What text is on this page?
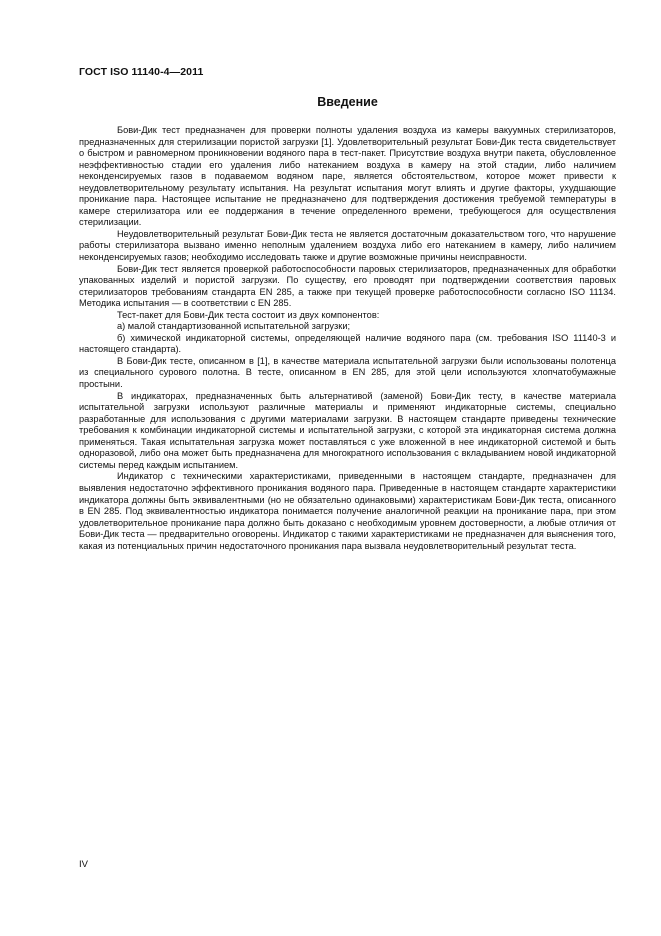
ГОСТ ISO 11140-4—2011
Введение

Бови-Дик тест предназначен для проверки полноты удаления воздуха из камеры вакуумных стерилизаторов, предназначенных для стерилизации пористой загрузки [1]. Удовлетворительный результат Бови-Дик теста свидетельствует о быстром и равномерном проникновении водяного пара в тест-пакет. Присутствие воздуха внутри пакета, обусловленное неэффективностью стадии его удаления либо натеканием воздуха в камеру на этой стадии, либо наличием неконденсируемых газов в подаваемом водяном паре, является обстоятельством, которое может привести к неудовлетворительному результату испытания. На результат испытания могут влиять и другие факторы, ухудшающие проникание пара. Настоящее испытание не предназначено для подтверждения достижения требуемой температуры в камере стерилизатора или ее поддержания в течение определенного времени, требующегося для осуществления стерилизации.

Неудовлетворительный результат Бови-Дик теста не является достаточным доказательством того, что нарушение работы стерилизатора вызвано именно неполным удалением воздуха либо его натеканием в камеру, либо наличием неконденсируемых газов; необходимо исследовать также и другие возможные причины неисправности.

Бови-Дик тест является проверкой работоспособности паровых стерилизаторов, предназначенных для обработки упакованных изделий и пористой загрузки. По существу, его проводят при подтверждении соответствия паровых стерилизаторов требованиям стандарта EN 285, а также при текущей проверке работоспособности согласно ISO 11134. Методика испытания — в соответствии с EN 285.

Тест-пакет для Бови-Дик теста состоит из двух компонентов:

а) малой стандартизованной испытательной загрузки;

б) химической индикаторной системы, определяющей наличие водяного пара (см. требования ISO 11140-3 и настоящего стандарта).

В Бови-Дик тесте, описанном в [1], в качестве материала испытательной загрузки были использованы полотенца из специального сурового полотна. В тесте, описанном в EN 285, для этой цели используются хлопчатобумажные простыни.

В индикаторах, предназначенных быть альтернативой (заменой) Бови-Дик тесту, в качестве материала испытательной загрузки используют различные материалы и применяют индикаторные системы, специально разработанные для использования с другими материалами загрузки. В настоящем стандарте приведены технические требования к комбинации индикаторной системы и испытательной загрузки, с которой эта индикаторная система должна применяться. Такая испытательная загрузка может поставляться с уже вложенной в нее индикаторной системой и быть одноразовой, либо она может быть предназначена для многократного использования с вкладыванием новой индикаторной системы перед каждым испытанием.

Индикатор с техническими характеристиками, приведенными в настоящем стандарте, предназначен для выявления недостаточно эффективного проникания водяного пара. Приведенные в настоящем стандарте характеристики индикатора должны быть эквивалентными (но не обязательно одинаковыми) характеристикам Бови-Дик теста, описанного в EN 285. Под эквивалентностью индикатора понимается получение аналогичной реакции на проникание пара, при этом удовлетворительное проникание пара должно быть доказано с необходимым уровнем достоверности, а любые отличия от Бови-Дик теста — предварительно оговорены. Индикатор с такими характеристиками не предназначен для выяснения того, какая из потенциальных причин недостаточного проникания пара вызвала неудовлетворительный результат теста.

IV
